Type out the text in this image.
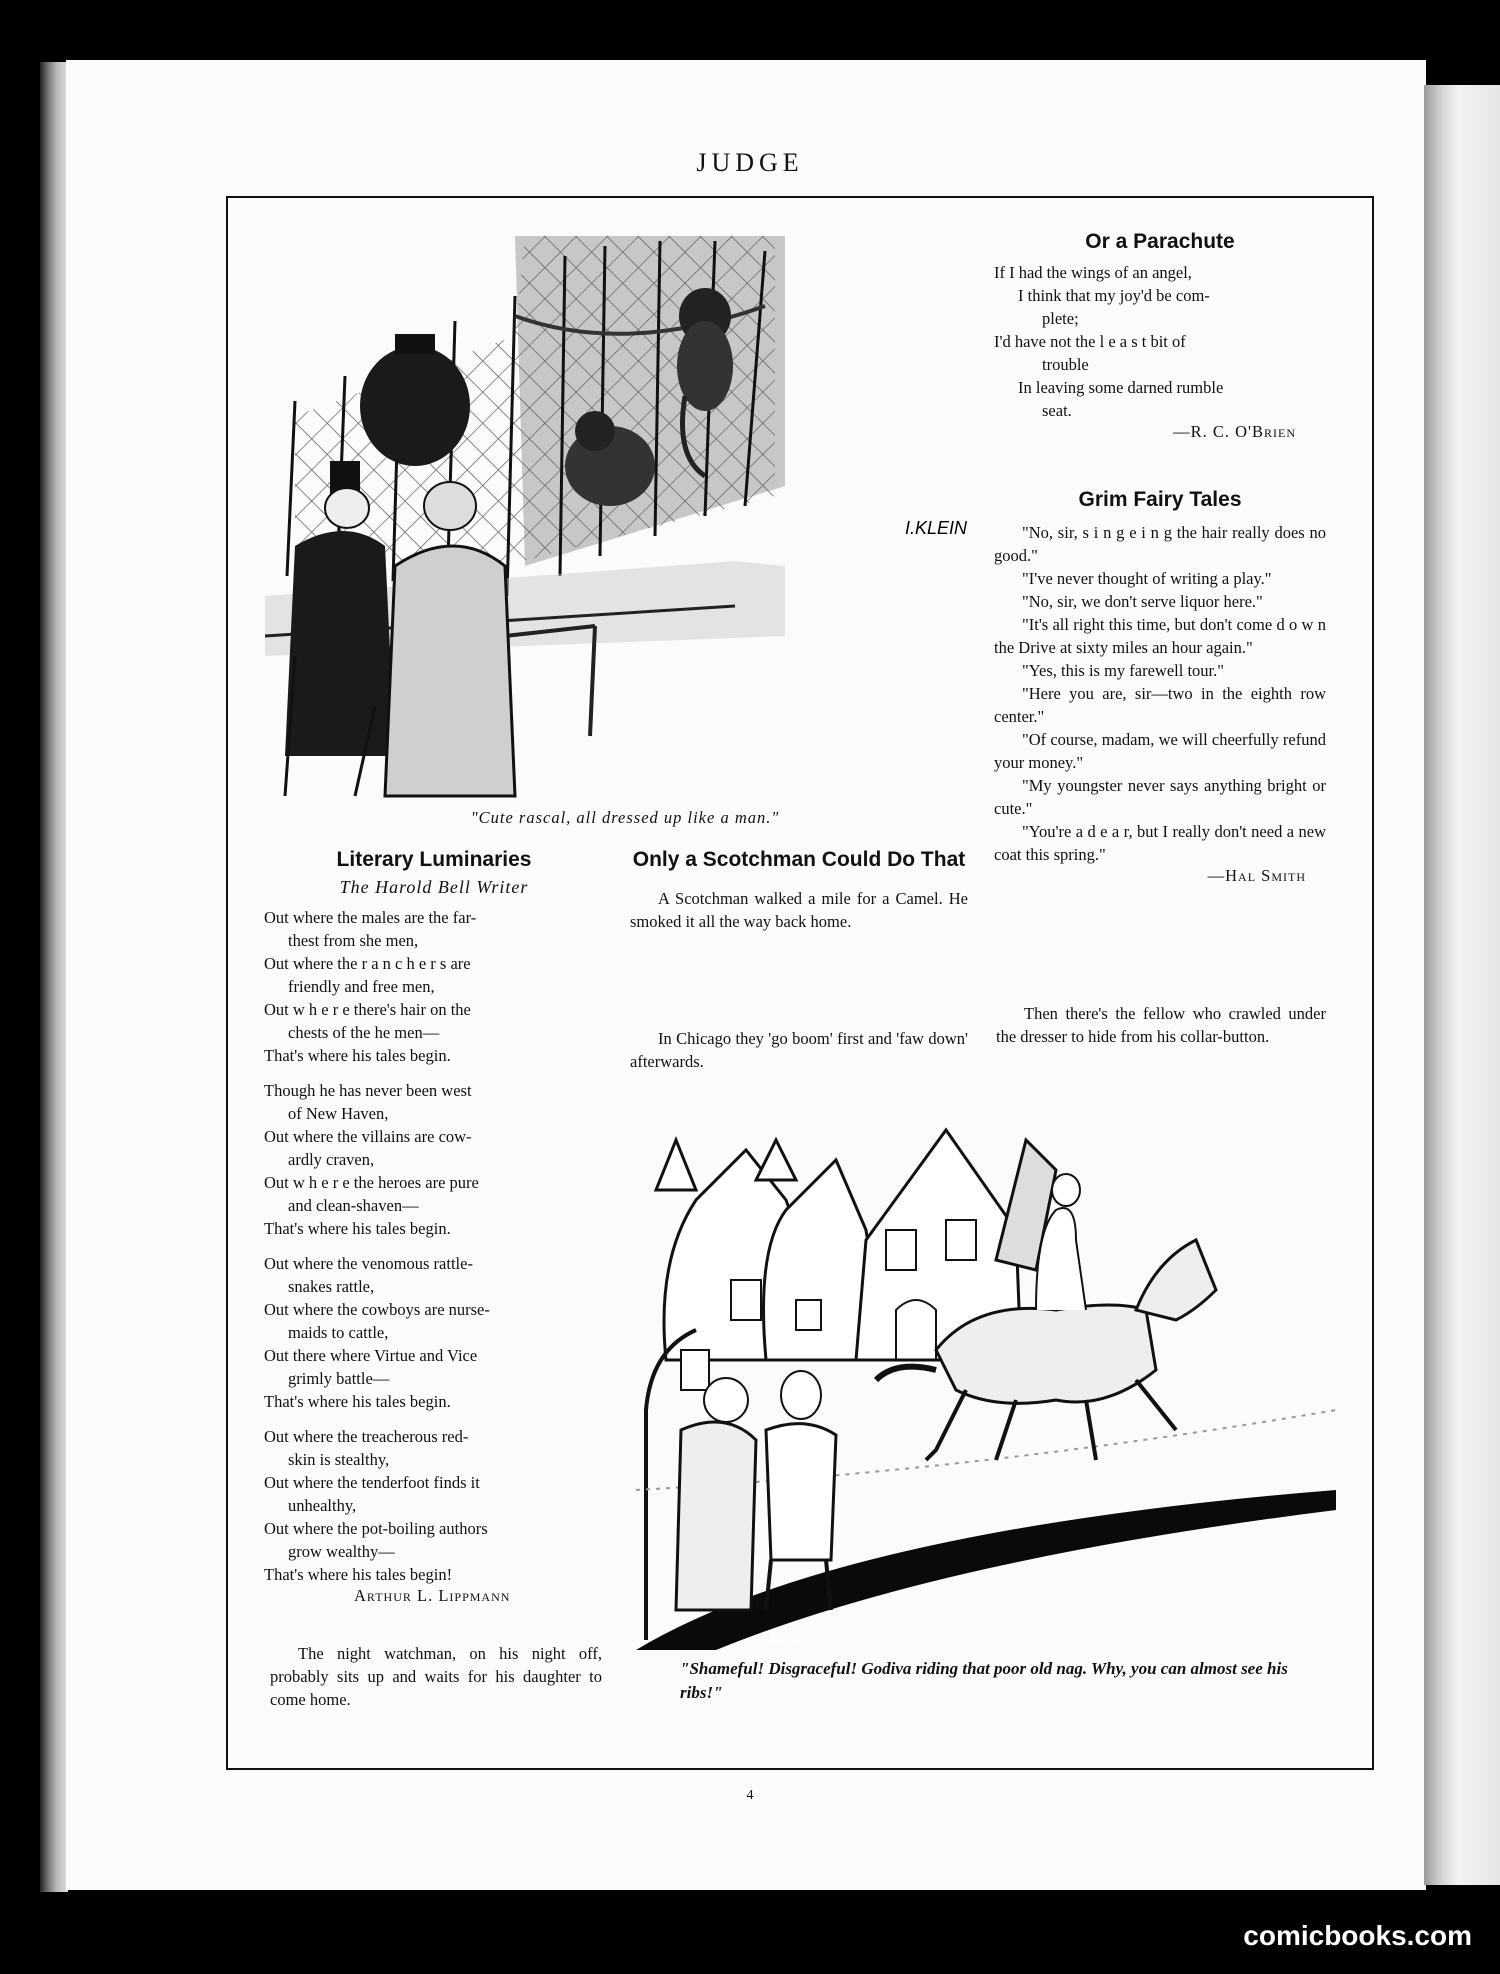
JUDGE
I.KLEIN
"Cute rascal, all dressed up like a man."
Or a Parachute
If I had the wings of an angel,
I think that my joy'd be com-
plete;
I'd have not the l e a s t bit of
trouble
In leaving some darned rumble
seat.
—R. C. O'Brien
Grim Fairy Tales

"No, sir, s i n g e i n g the hair really does no good."

"I've never thought of writing a play."

"No, sir, we don't serve liquor here."

"It's all right this time, but don't come d o w n the Drive at sixty miles an hour again."

"Yes, this is my farewell tour."

"Here you are, sir—two in the eighth row center."

"Of course, madam, we will cheerfully refund your money."

"My youngster never says anything bright or cute."

"You're a d e a r, but I really don't need a new coat this spring."

—Hal Smith

Then there's the fellow who crawled under the dresser to hide from his collar-button.

Literary Luminaries
The Harold Bell Writer
Out where the males are the far-
thest from she men,
Out where the r a n c h e r s are
friendly and free men,
Out w h e r e there's hair on the
chests of the he men—
That's where his tales begin.
Though he has never been west
of New Haven,
Out where the villains are cow-
ardly craven,
Out w h e r e the heroes are pure
and clean-shaven—
That's where his tales begin.
Out where the venomous rattle-
snakes rattle,
Out where the cowboys are nurse-
maids to cattle,
Out there where Virtue and Vice
grimly battle—
That's where his tales begin.
Out where the treacherous red-
skin is stealthy,
Out where the tenderfoot finds it
unhealthy,
Out where the pot-boiling authors
grow wealthy—
That's where his tales begin!
Arthur L. Lippmann

The night watchman, on his night off, probably sits up and waits for his daughter to come home.

Only a Scotchman Could Do That

A Scotchman walked a mile for a Camel. He smoked it all the way back home.

In Chicago they 'go boom' first and 'faw down' afterwards.

Dr S
"Shameful! Disgraceful! Godiva riding that poor old nag. Why, you can almost see his ribs!"
4
comicbooks.com
